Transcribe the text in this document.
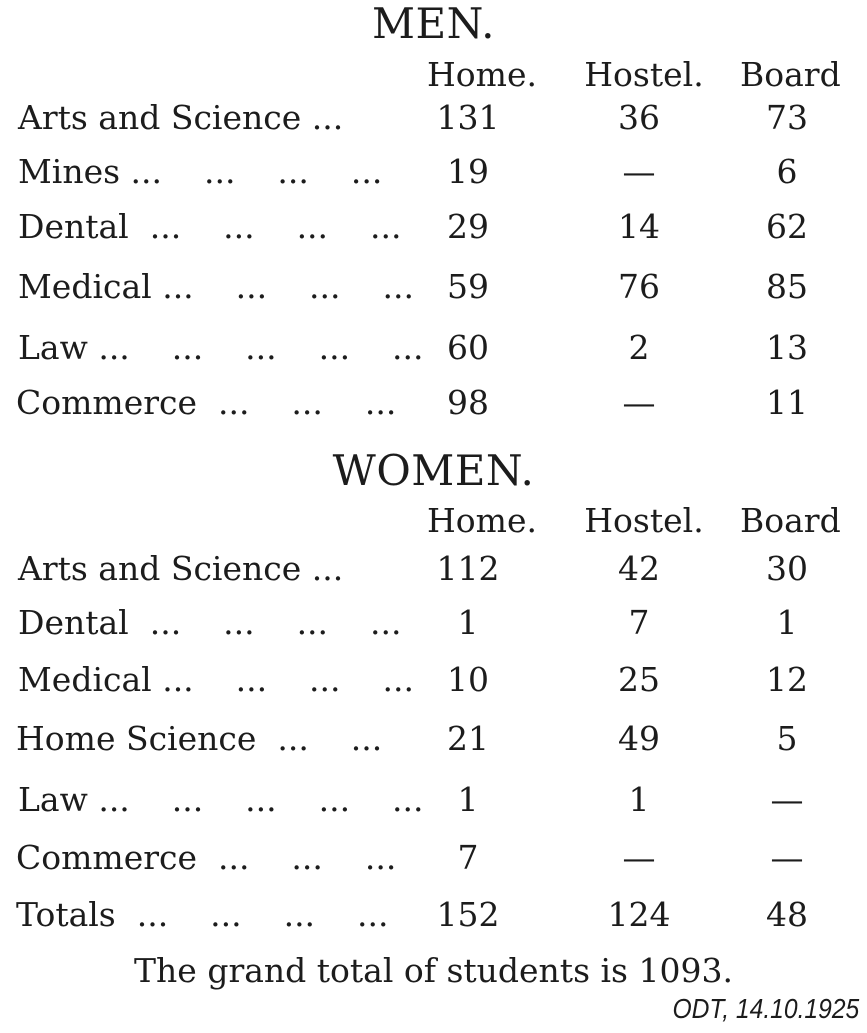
MEN.
Home. Hostel. Board
Arts and Science ...	131	36	73
Mines ...    ...    ...    ...	19	—	6
Dental  ...    ...    ...    ...	29	14	62
Medical ...    ...    ...    ...	59	76	85
Law ...    ...    ...    ...    ... 60	2	13
Commerce  ...    ...    ...	98	—	11
WOMEN.
Home. Hostel. Board
Arts and Science ...	112	42	30
Dental  ...    ...    ...    ...	1	7	1
Medical ...    ...    ...    ...	10	25	12
Home Science  ...    ...	21	49	5
Law ...    ...    ...    ...    ...	1	1	—
Commerce  ...    ...    ...	7	—	—
Totals  ...    ...    ...    ...	152	124	48
The grand total of students is 1093.
ODT, 14.10.1925
